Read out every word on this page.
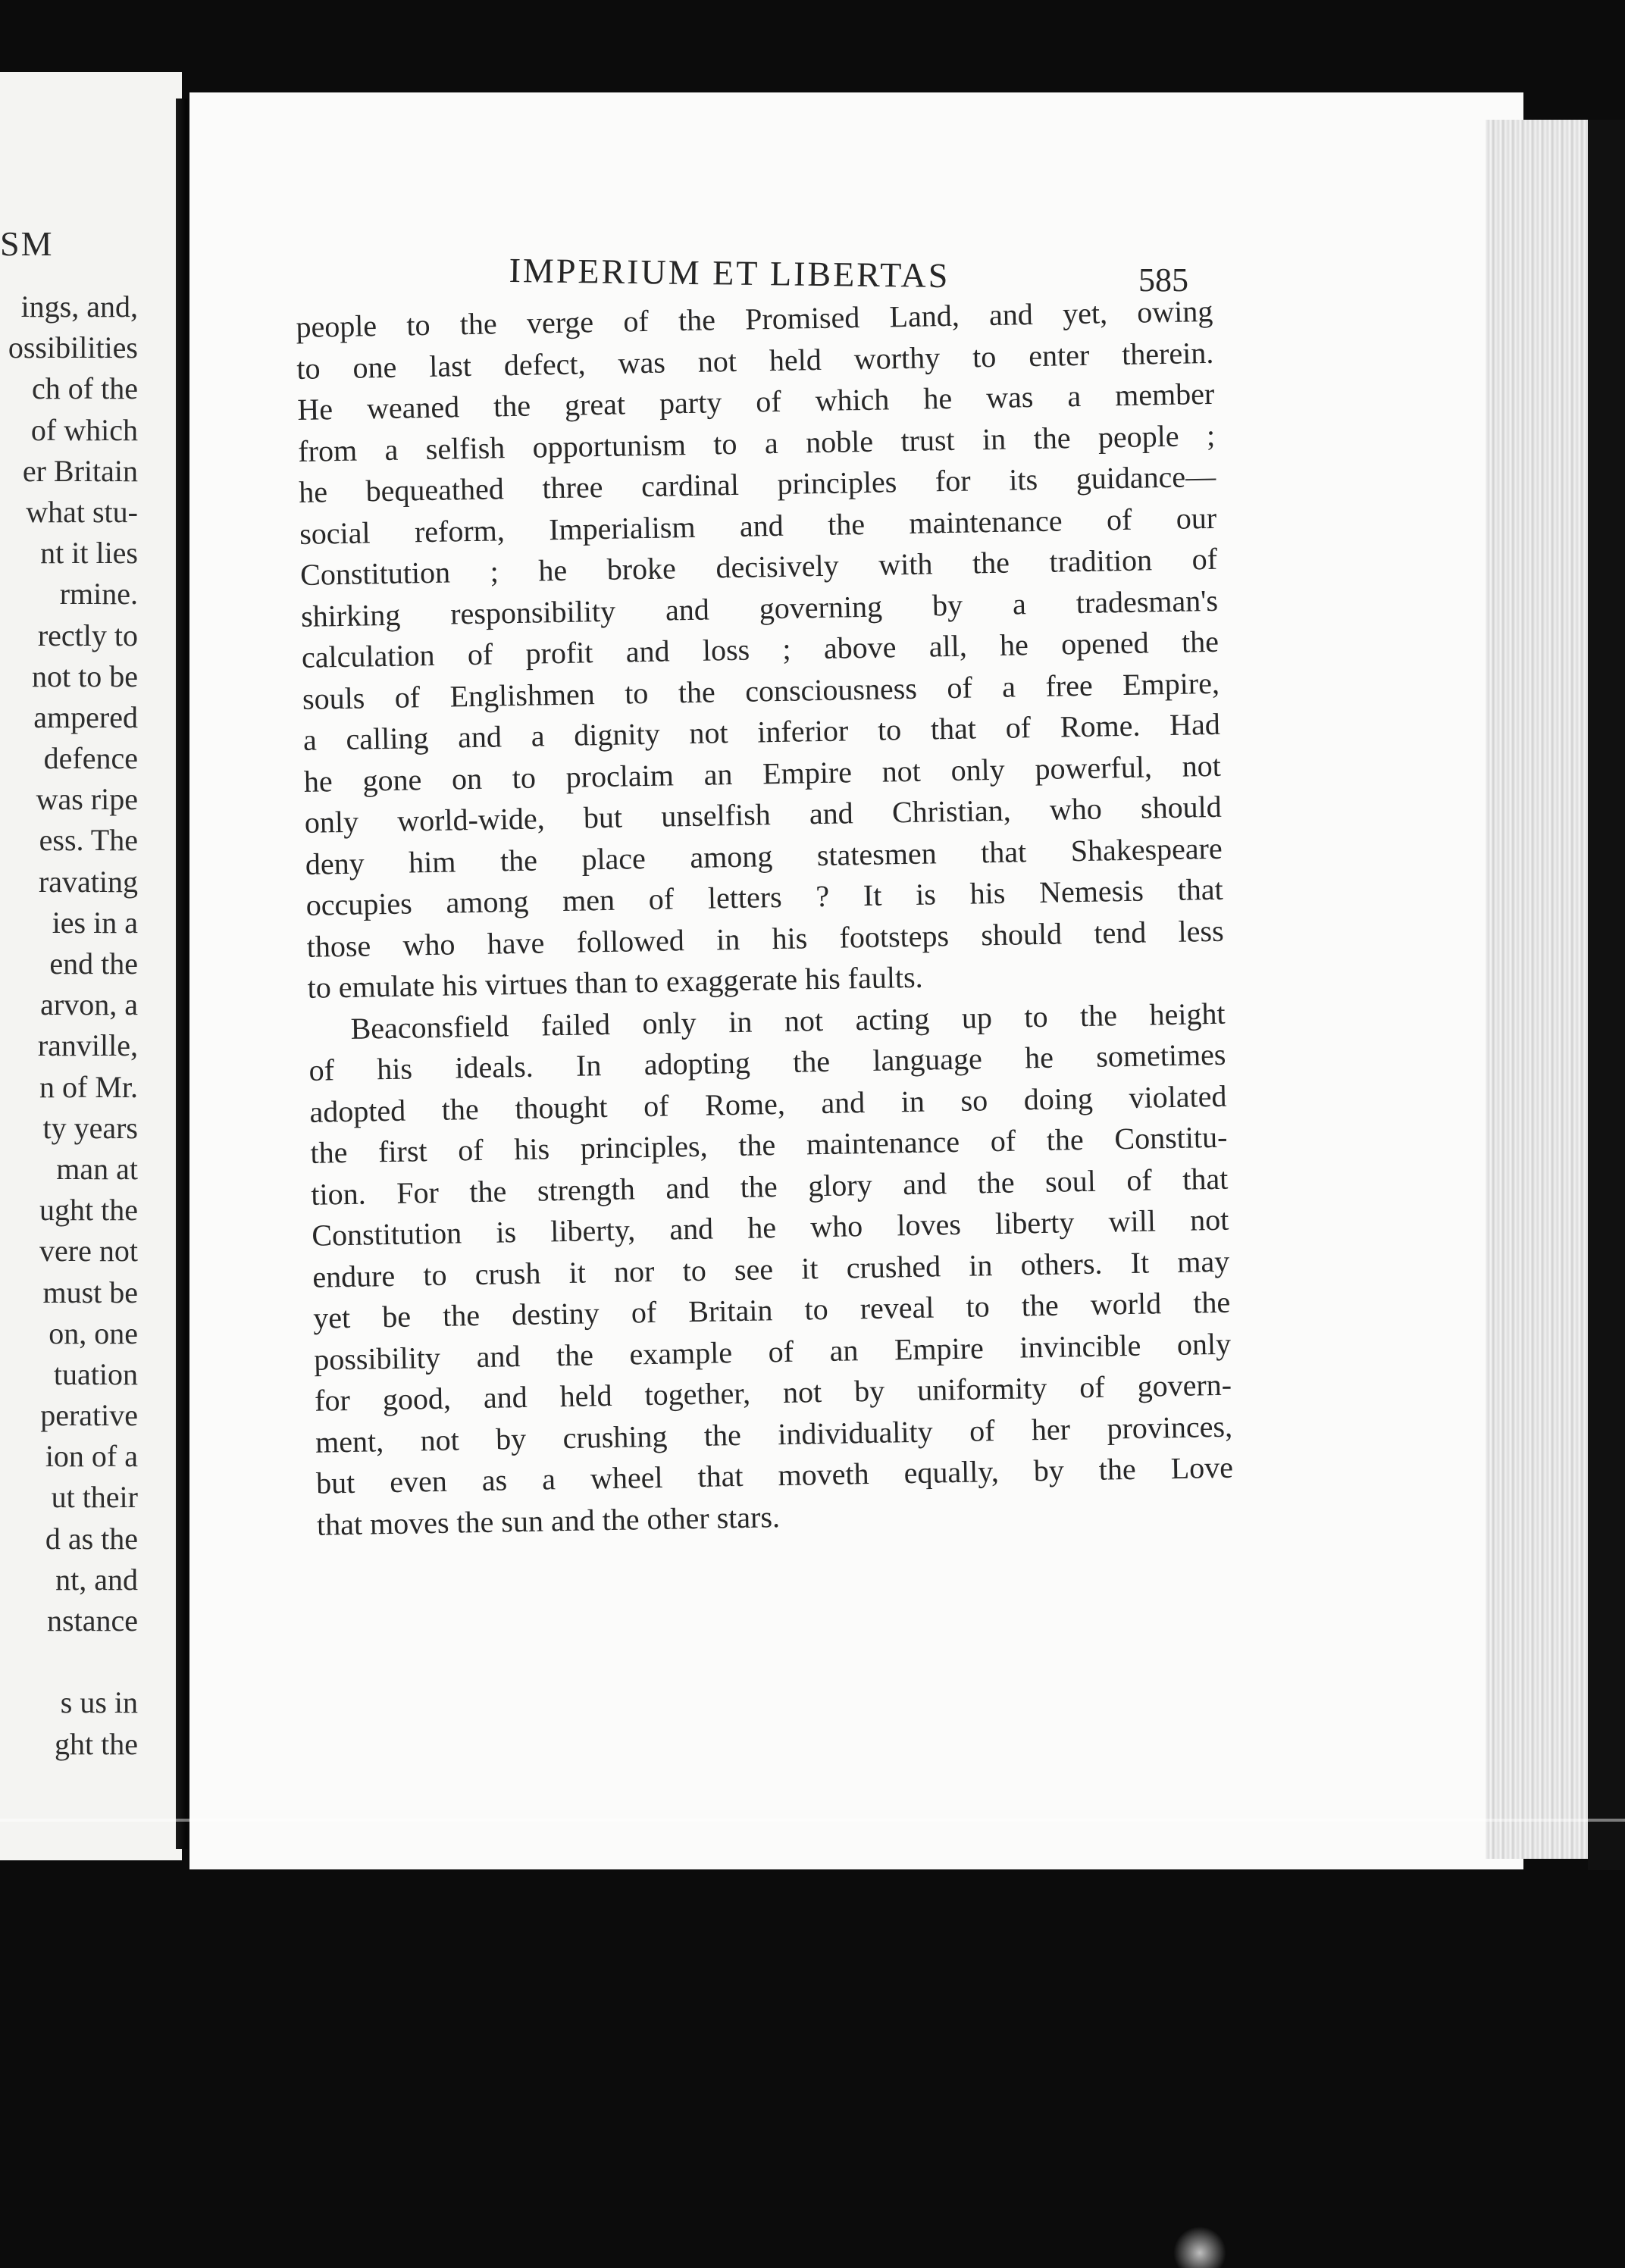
SM
ings, and,
ossibilities
ch of the
of which
er Britain
what stu-
nt it lies
rmine.
rectly to
not to be
ampered
defence
was ripe
ess. The
ravating
ies in a
end the
arvon, a
ranville,
n of Mr.
ty years
man at
ught the
vere not
must be
on, one
tuation
perative
ion of a
ut their
d as the
nt, and
nstance
s us in
ght the
IMPERIUM ET LIBERTAS	585
people to the verge of the Promised Land, and yet, owing
to one last defect, was not held worthy to enter therein.
He weaned the great party of which he was a member
from a selfish opportunism to a noble trust in the people ;
he bequeathed three cardinal principles for its guidance—
social reform, Imperialism and the maintenance of our
Constitution ; he broke decisively with the tradition of
shirking responsibility and governing by a tradesman's
calculation of profit and loss ; above all, he opened the
souls of Englishmen to the consciousness of a free Empire,
a calling and a dignity not inferior to that of Rome. Had
he gone on to proclaim an Empire not only powerful, not
only world-wide, but unselfish and Christian, who should
deny him the place among statesmen that Shakespeare
occupies among men of letters ? It is his Nemesis that
those who have followed in his footsteps should tend less
to emulate his virtues than to exaggerate his faults.
Beaconsfield failed only in not acting up to the height
of his ideals. In adopting the language he sometimes
adopted the thought of Rome, and in so doing violated
the first of his principles, the maintenance of the Constitu-
tion. For the strength and the glory and the soul of that
Constitution is liberty, and he who loves liberty will not
endure to crush it nor to see it crushed in others. It may
yet be the destiny of Britain to reveal to the world the
possibility and the example of an Empire invincible only
for good, and held together, not by uniformity of govern-
ment, not by crushing the individuality of her provinces,
but even as a wheel that moveth equally, by the Love
that moves the sun and the other stars.
